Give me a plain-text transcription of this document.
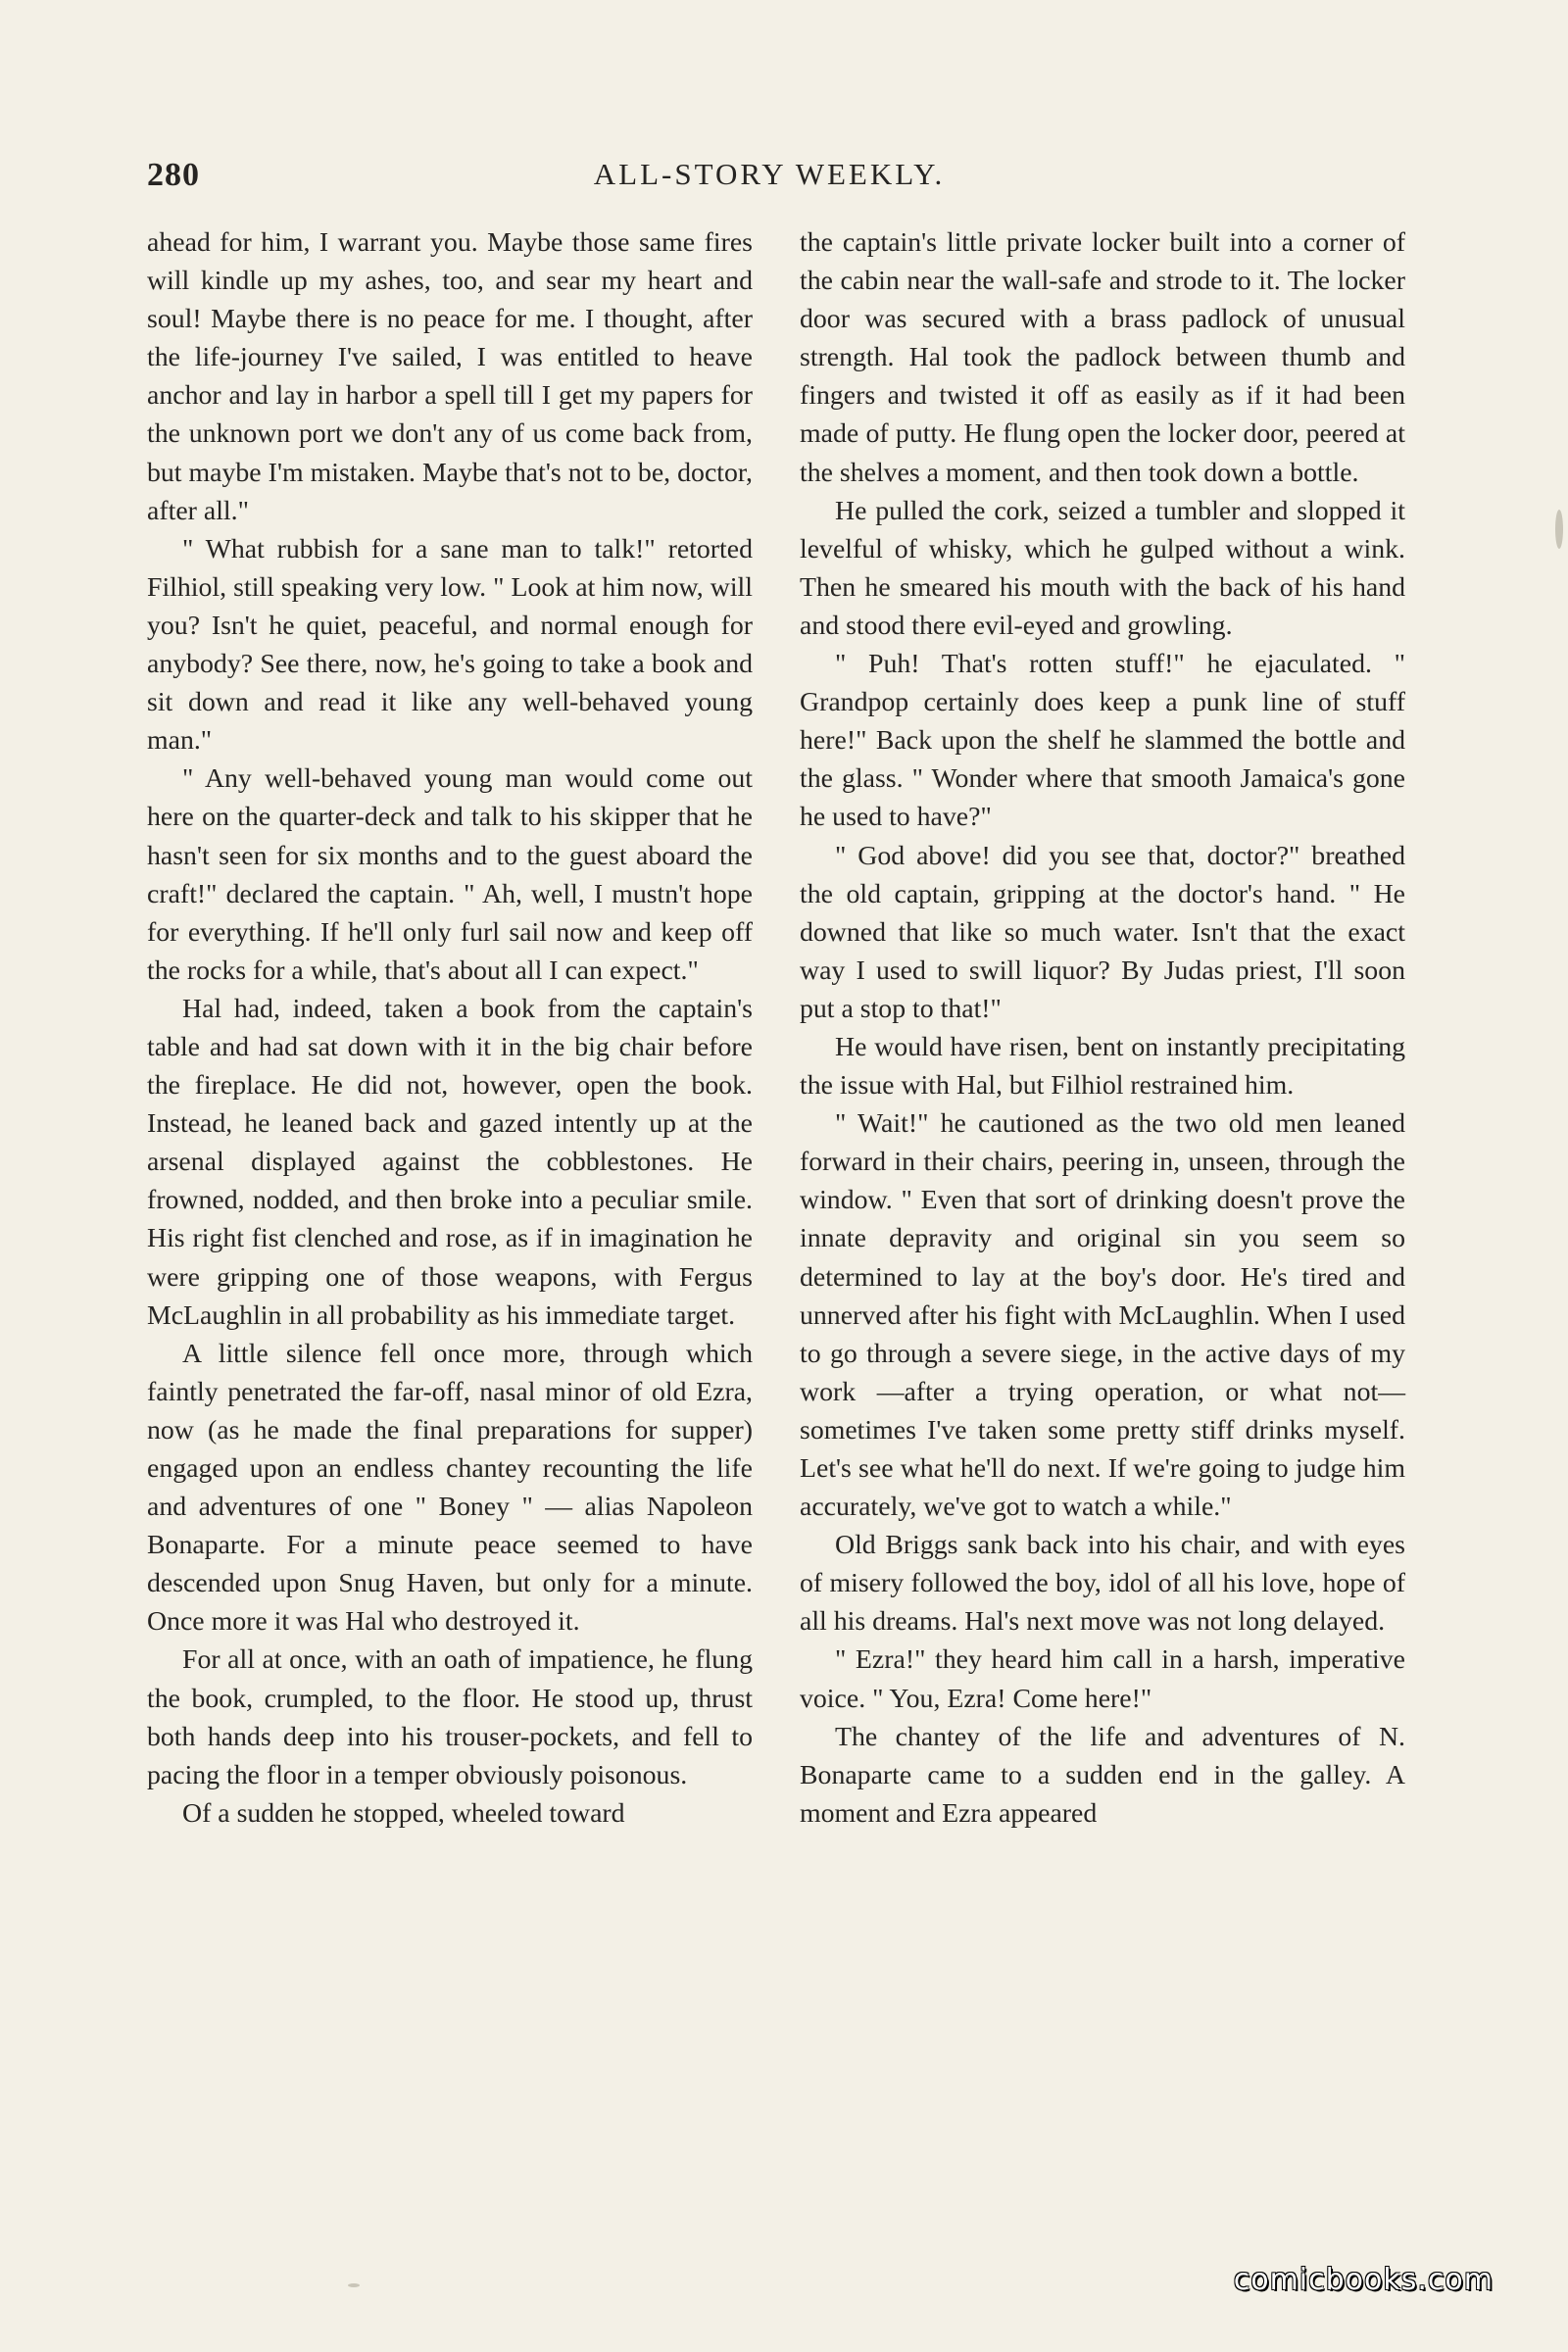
280	ALL-STORY WEEKLY.

ahead for him, I warrant you. Maybe those same fires will kindle up my ashes, too, and sear my heart and soul! Maybe there is no peace for me. I thought, after the life-journey I've sailed, I was entitled to heave anchor and lay in harbor a spell till I get my papers for the unknown port we don't any of us come back from, but maybe I'm mistaken. Maybe that's not to be, doctor, after all."

" What rubbish for a sane man to talk!" retorted Filhiol, still speaking very low. " Look at him now, will you? Isn't he quiet, peaceful, and normal enough for anybody? See there, now, he's going to take a book and sit down and read it like any well-behaved young man."

" Any well-behaved young man would come out here on the quarter-deck and talk to his skipper that he hasn't seen for six months and to the guest aboard the craft!" declared the captain. " Ah, well, I mustn't hope for everything. If he'll only furl sail now and keep off the rocks for a while, that's about all I can expect."

Hal had, indeed, taken a book from the captain's table and had sat down with it in the big chair before the fireplace. He did not, however, open the book. Instead, he leaned back and gazed intently up at the arsenal displayed against the cobblestones. He frowned, nodded, and then broke into a peculiar smile. His right fist clenched and rose, as if in imagination he were gripping one of those weapons, with Fergus McLaughlin in all probability as his immediate target.

A little silence fell once more, through which faintly penetrated the far-off, nasal minor of old Ezra, now (as he made the final preparations for supper) engaged upon an endless chantey recounting the life and adventures of one " Boney " — alias Napoleon Bonaparte. For a minute peace seemed to have descended upon Snug Haven, but only for a minute. Once more it was Hal who destroyed it.

For all at once, with an oath of impatience, he flung the book, crumpled, to the floor. He stood up, thrust both hands deep into his trouser-pockets, and fell to pacing the floor in a temper obviously poisonous.

Of a sudden he stopped, wheeled toward

the captain's little private locker built into a corner of the cabin near the wall-safe and strode to it. The locker door was secured with a brass padlock of unusual strength. Hal took the padlock between thumb and fingers and twisted it off as easily as if it had been made of putty. He flung open the locker door, peered at the shelves a moment, and then took down a bottle.

He pulled the cork, seized a tumbler and slopped it levelful of whisky, which he gulped without a wink. Then he smeared his mouth with the back of his hand and stood there evil-eyed and growling.

" Puh! That's rotten stuff!" he ejaculated. " Grandpop certainly does keep a punk line of stuff here!" Back upon the shelf he slammed the bottle and the glass. " Wonder where that smooth Jamaica's gone he used to have?"

" God above! did you see that, doctor?" breathed the old captain, gripping at the doctor's hand. " He downed that like so much water. Isn't that the exact way I used to swill liquor? By Judas priest, I'll soon put a stop to that!"

He would have risen, bent on instantly precipitating the issue with Hal, but Filhiol restrained him.

" Wait!" he cautioned as the two old men leaned forward in their chairs, peering in, unseen, through the window. " Even that sort of drinking doesn't prove the innate depravity and original sin you seem so determined to lay at the boy's door. He's tired and unnerved after his fight with McLaughlin. When I used to go through a severe siege, in the active days of my work —after a trying operation, or what not— sometimes I've taken some pretty stiff drinks myself. Let's see what he'll do next. If we're going to judge him accurately, we've got to watch a while."

Old Briggs sank back into his chair, and with eyes of misery followed the boy, idol of all his love, hope of all his dreams. Hal's next move was not long delayed.

" Ezra!" they heard him call in a harsh, imperative voice. " You, Ezra! Come here!"

The chantey of the life and adventures of N. Bonaparte came to a sudden end in the galley. A moment and Ezra appeared

comicbooks.com
